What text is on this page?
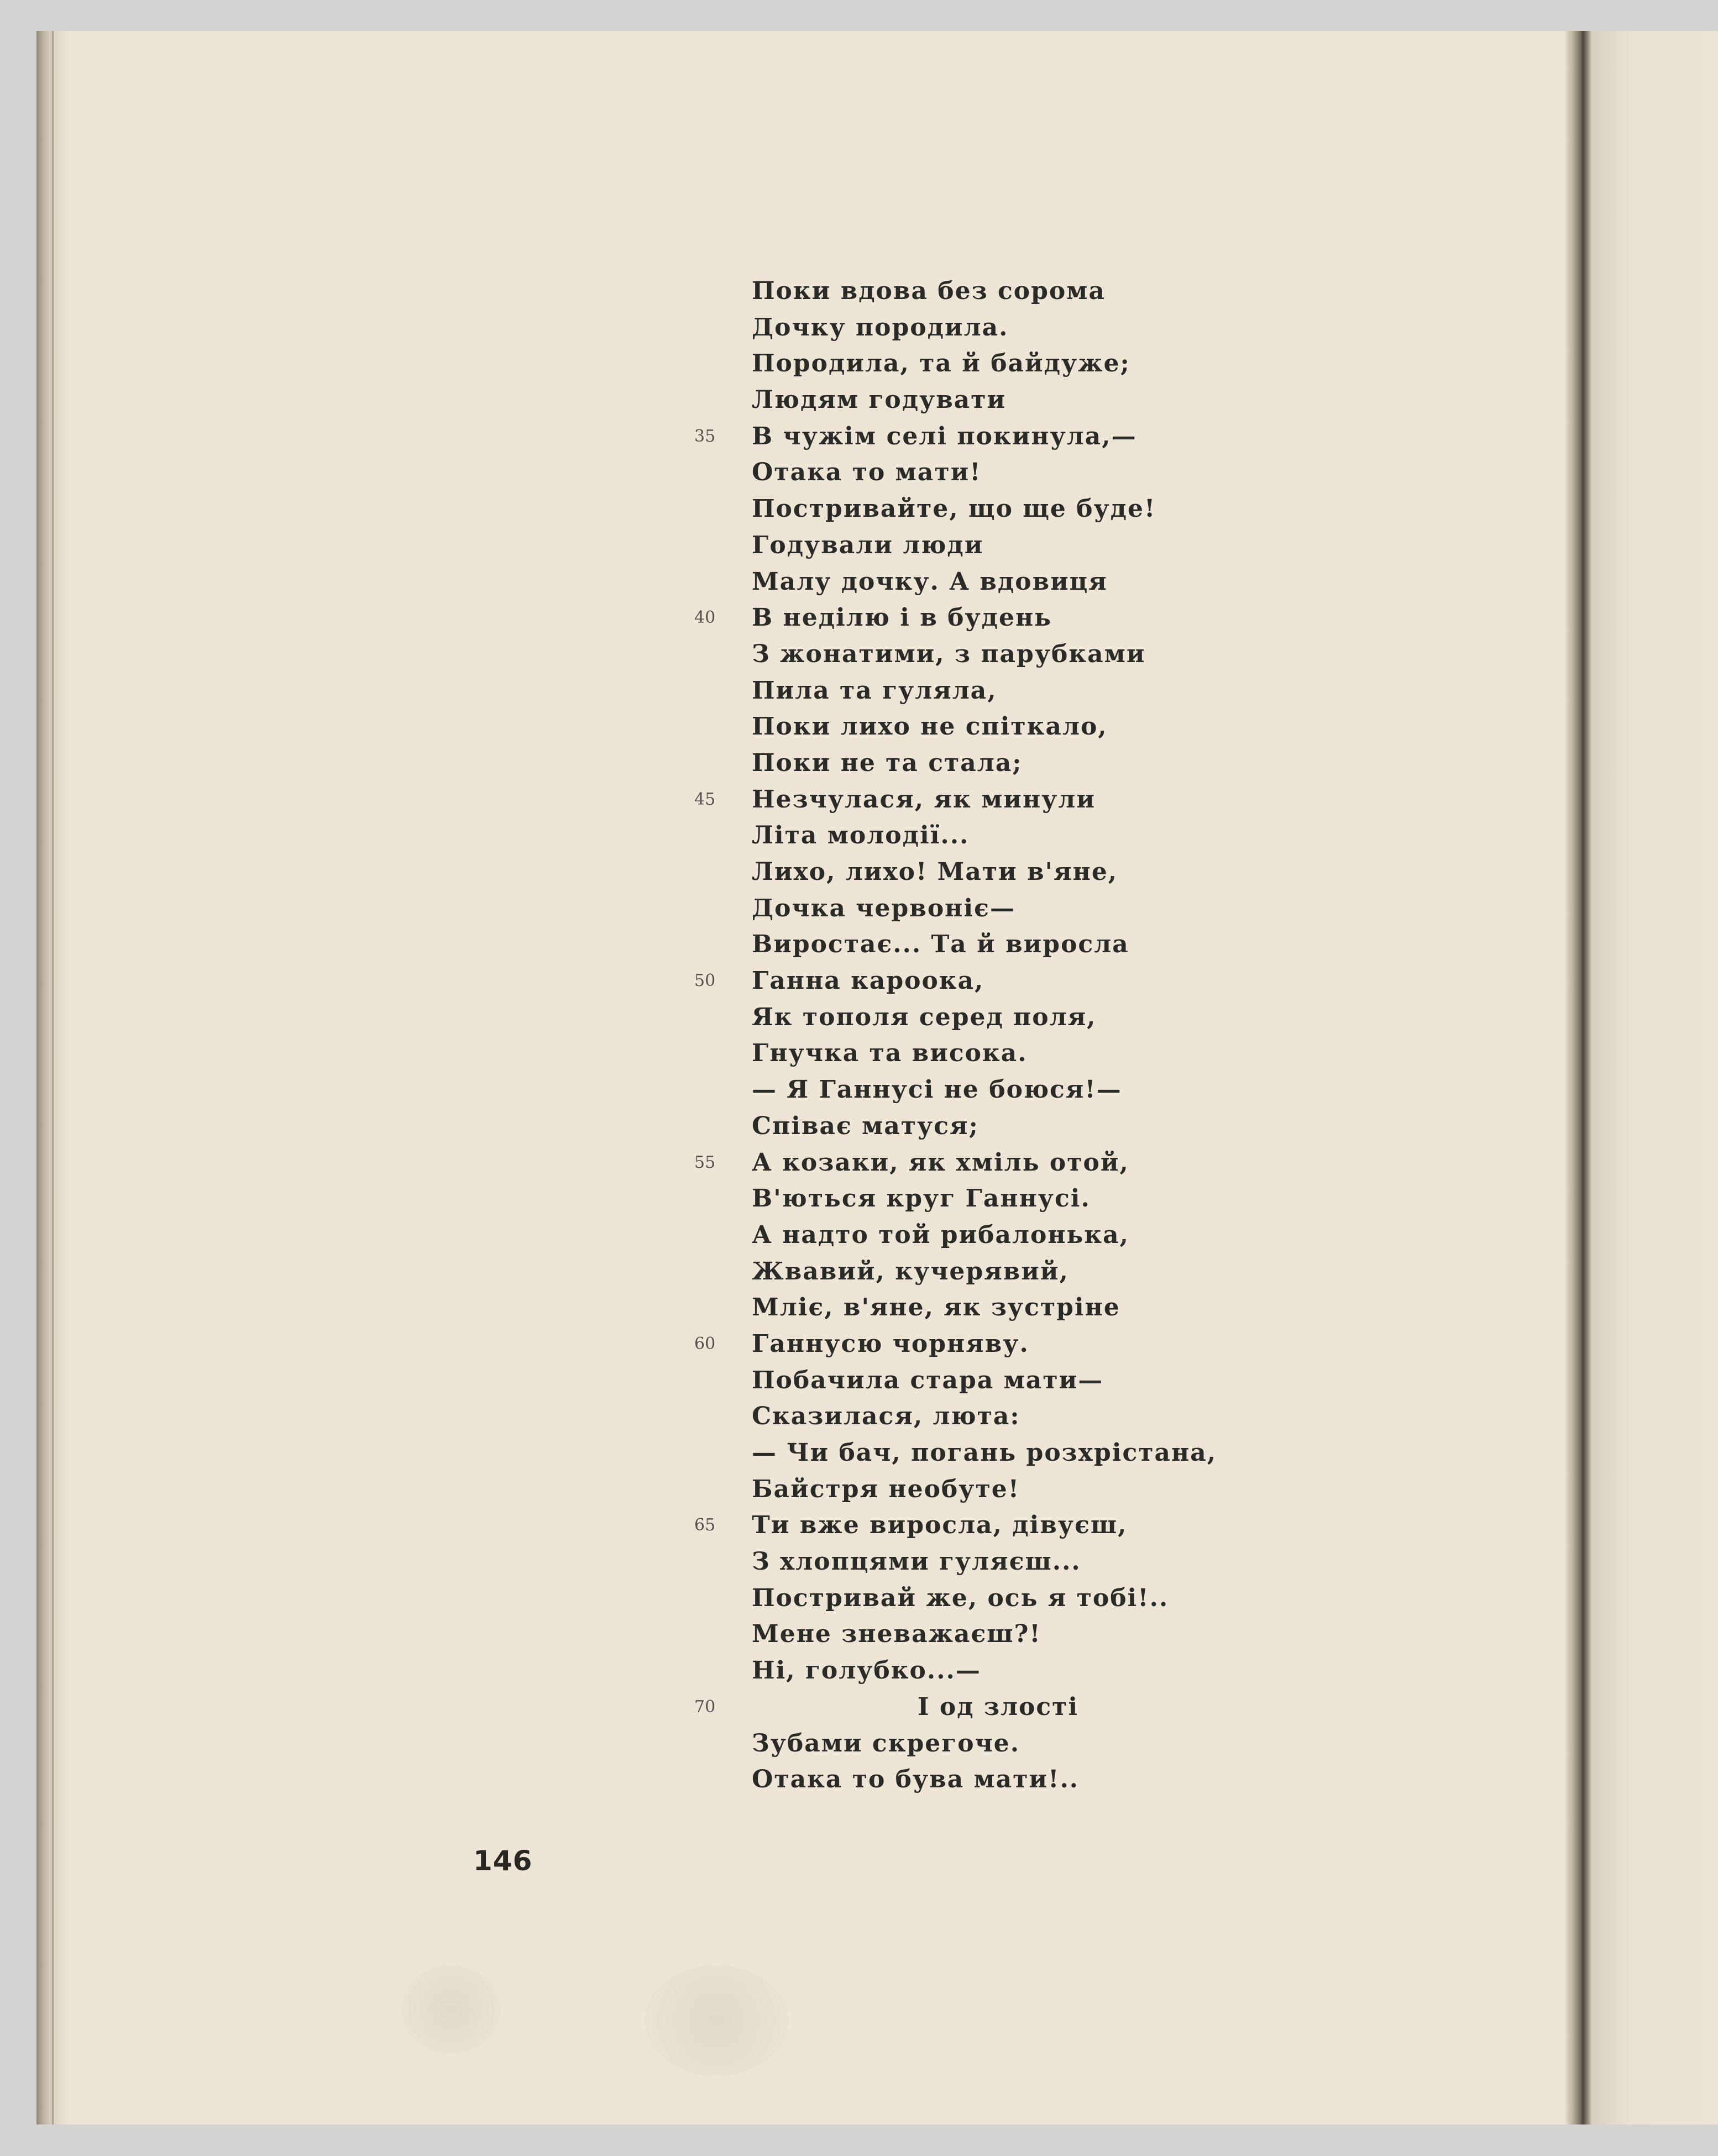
Поки вдова без сорома
Дочку породила.
Породила, та й байдуже;
Людям годувати
35	В чужім селі покинула,—
Отака то мати!
Постривайте, що ще буде!
Годували люди
Малу дочку. А вдовиця
40	В неділю і в будень
З жонатими, з парубками
Пила та гуляла,
Поки лихо не спіткало,
Поки не та стала;
45	Незчулася, як минули
Літа молодії...
Лихо, лихо! Мати в'яне,
Дочка червоніє—
Виростає... Та й виросла
50	Ганна кароока,
Як тополя серед поля,
Гнучка та висока.
— Я Ганнусі не боюся!—
Співає матуся;
55	А козаки, як хміль отой,
В'ються круг Ганнусі.
А надто той рибалонька,
Жвавий, кучерявий,
Мліє, в'яне, як зустріне
60	Ганнусю чорняву.
Побачила стара мати—
Сказилася, люта:
— Чи бач, погань розхрістана,
Байстря необуте!
65	Ти вже виросла, дівуєш,
З хлопцями гуляєш...
Постривай же, ось я тобі!..
Мене зневажаєш?!
Ні, голубко...—
70	І од злості
Зубами скрегоче.
Отака то бува мати!..
146
